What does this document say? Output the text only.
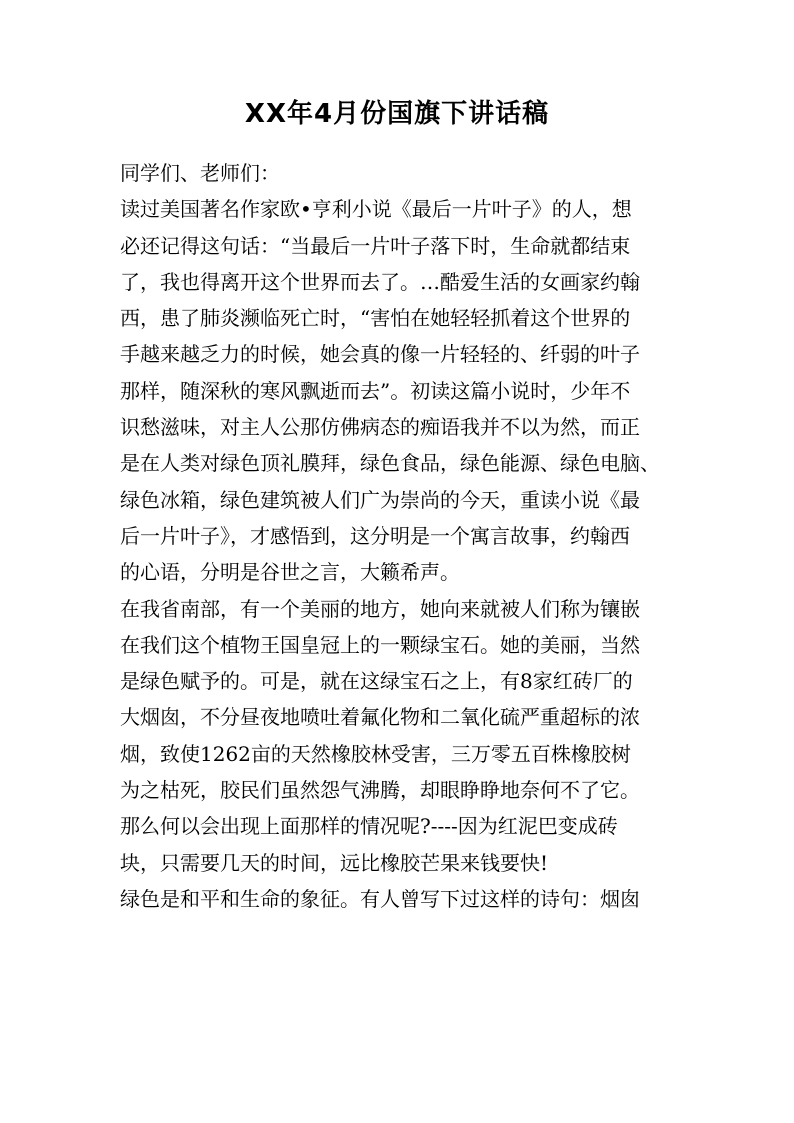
XX年4月份国旗下讲话稿
同学们、老师们：
读过美国著名作家欧•亨利小说《最后一片叶子》的人，想
必还记得这句话：“当最后一片叶子落下时，生命就都结束
了，我也得离开这个世界而去了。…酷爱生活的女画家约翰
西，患了肺炎濒临死亡时，“害怕在她轻轻抓着这个世界的
手越来越乏力的时候，她会真的像一片轻轻的、纤弱的叶子
那样，随深秋的寒风飘逝而去”。初读这篇小说时，少年不
识愁滋味，对主人公那仿佛病态的痴语我并不以为然，而正
是在人类对绿色顶礼膜拜，绿色食品，绿色能源、绿色电脑、
绿色冰箱，绿色建筑被人们广为崇尚的今天，重读小说《最
后一片叶子》，才感悟到，这分明是一个寓言故事，约翰西
的心语，分明是谷世之言，大籁希声。
在我省南部，有一个美丽的地方，她向来就被人们称为镶嵌
在我们这个植物王国皇冠上的一颗绿宝石。她的美丽，当然
是绿色赋予的。可是，就在这绿宝石之上，有8家红砖厂的
大烟囱，不分昼夜地喷吐着氟化物和二氧化硫严重超标的浓
烟，致使1262亩的天然橡胶林受害，三万零五百株橡胶树
为之枯死，胶民们虽然怨气沸腾，却眼睁睁地奈何不了它。
那么何以会出现上面那样的情况呢?----因为红泥巴变成砖
块，只需要几天的时间，远比橡胶芒果来钱要快!
绿色是和平和生命的象征。有人曾写下过这样的诗句：烟囱
